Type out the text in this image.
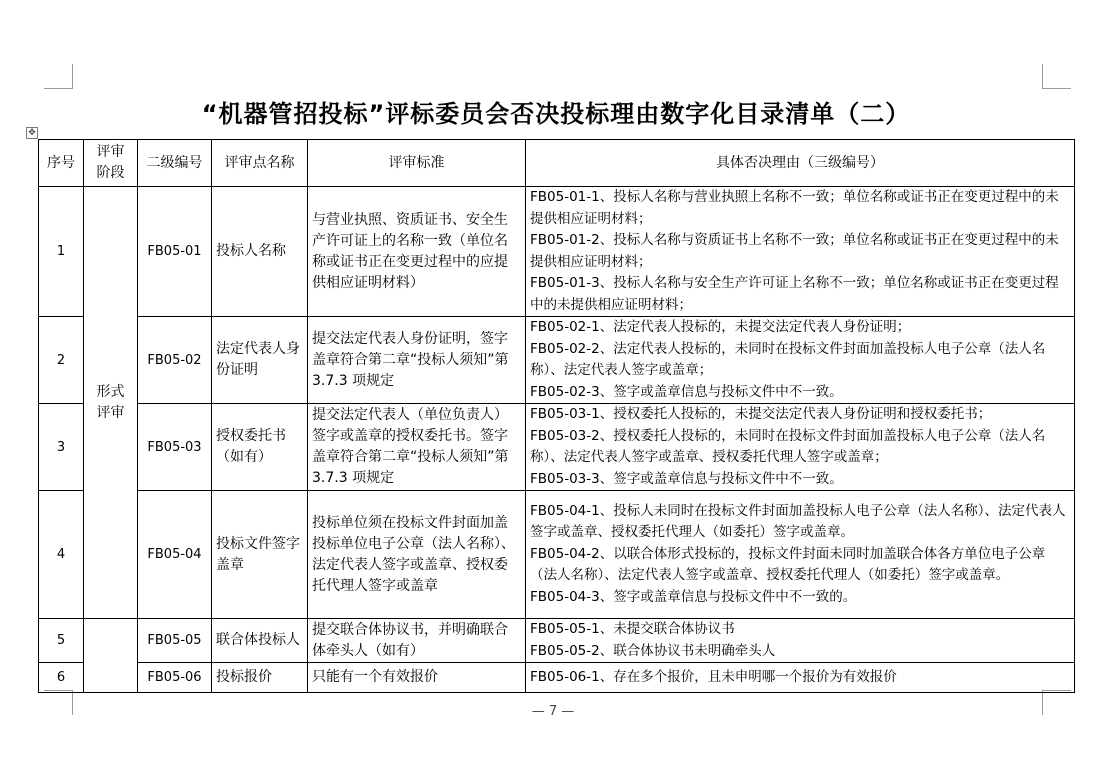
“机器管招投标”评标委员会否决投标理由数字化目录清单（二）
✥
序号	评审阶段	二级编号	评审点名称	评审标准	具体否决理由（三级编号）
1	形式评审	FB05-01	投标人名称	与营业执照、资质证书、安全生产许可证上的名称一致（单位名称或证书正在变更过程中的应提供相应证明材料）	FB05-01-1、投标人名称与营业执照上名称不一致；单位名称或证书正在变更过程中的未提供相应证明材料；
FB05-01-2、投标人名称与资质证书上名称不一致；单位名称或证书正在变更过程中的未提供相应证明材料；
FB05-01-3、投标人名称与安全生产许可证上名称不一致；单位名称或证书正在变更过程中的未提供相应证明材料；

2		FB05-02	法定代表人身份证明	提交法定代表人身份证明，签字盖章符合第二章“投标人须知”第 3.7.3 项规定	FB05-02-1、法定代表人投标的，未提交法定代表人身份证明；
FB05-02-2、法定代表人投标的，未同时在投标文件封面加盖投标人电子公章（法人名称）、法定代表人签字或盖章；
FB05-02-3、签字或盖章信息与投标文件中不一致。

3		FB05-03	授权委托书（如有）	提交法定代表人（单位负责人）签字或盖章的授权委托书。签字盖章符合第二章“投标人须知”第 3.7.3 项规定	FB05-03-1、授权委托人投标的，未提交法定代表人身份证明和授权委托书；
FB05-03-2、授权委托人投标的，未同时在投标文件封面加盖投标人电子公章（法人名称）、法定代表人签字或盖章、授权委托代理人签字或盖章；
FB05-03-3、签字或盖章信息与投标文件中不一致。

4		FB05-04	投标文件签字盖章	投标单位须在投标文件封面加盖投标单位电子公章（法人名称）、法定代表人签字或盖章、授权委托代理人签字或盖章	FB05-04-1、投标人未同时在投标文件封面加盖投标人电子公章（法人名称）、法定代表人签字或盖章、授权委托代理人（如委托）签字或盖章。
FB05-04-2、以联合体形式投标的，投标文件封面未同时加盖联合体各方单位电子公章（法人名称）、法定代表人签字或盖章、授权委托代理人（如委托）签字或盖章。
FB05-04-3、签字或盖章信息与投标文件中不一致的。

5		FB05-05	联合体投标人	提交联合体协议书，并明确联合体牵头人（如有）	FB05-05-1、未提交联合体协议书
FB05-05-2、联合体协议书未明确牵头人

6		FB05-06	投标报价	只能有一个有效报价	FB05-06-1、存在多个报价，且未申明哪一个报价为有效报价
— 7 —
